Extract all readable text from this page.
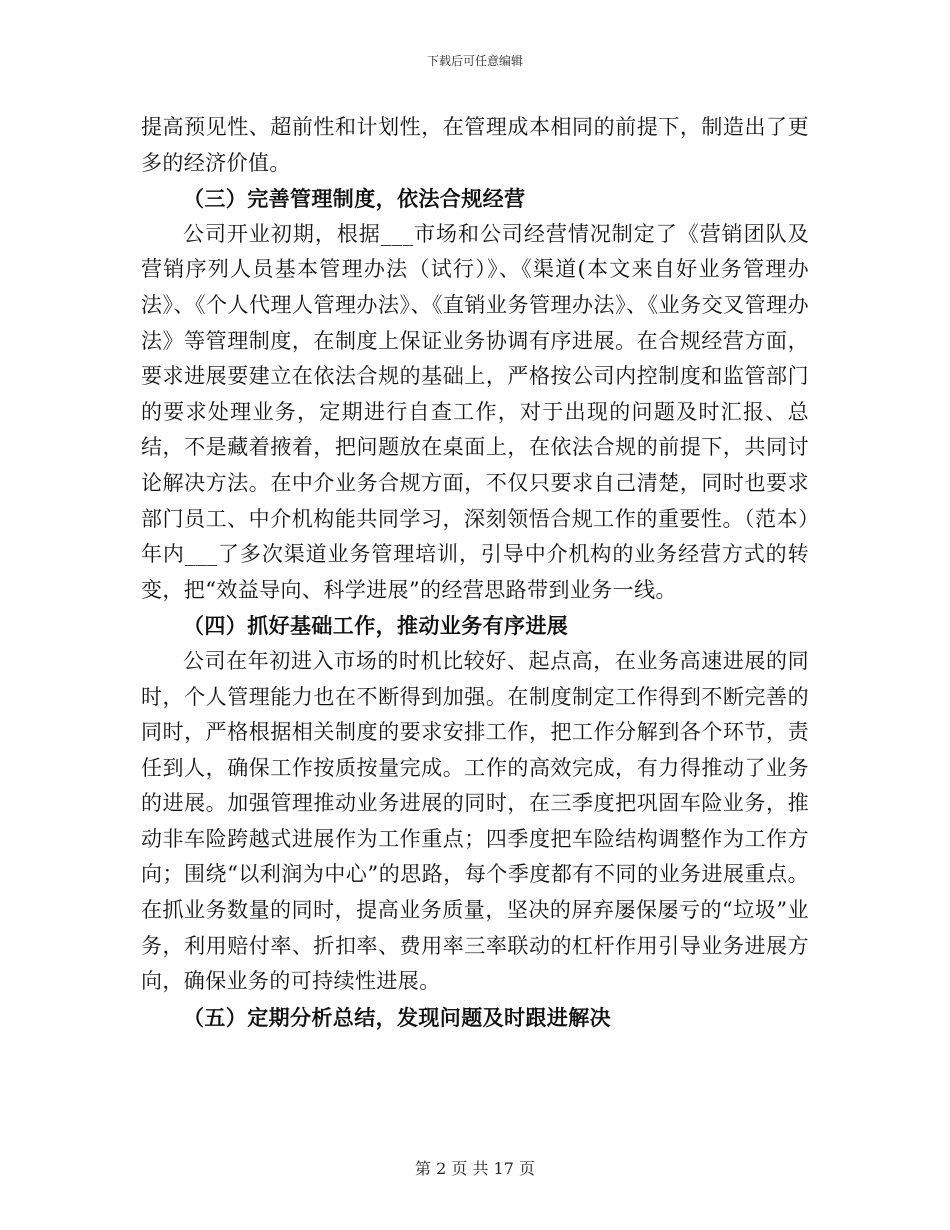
下载后可任意编辑

提高预见性、超前性和计划性，在管理成本相同的前提下，制造出了更多的经济价值。

（三）完善管理制度，依法合规经营

公司开业初期，根据___市场和公司经营情况制定了《营销团队及营销序列人员基本管理办法（试行）》、《渠道(本文来自好业务管理办法》、《个人代理人管理办法》、《直销业务管理办法》、《业务交叉管理办法》等管理制度，在制度上保证业务协调有序进展。在合规经营方面，要求进展要建立在依法合规的基础上，严格按公司内控制度和监管部门的要求处理业务，定期进行自查工作，对于出现的问题及时汇报、总结，不是藏着掖着，把问题放在桌面上，在依法合规的前提下，共同讨论解决方法。在中介业务合规方面，不仅只要求自己清楚，同时也要求部门员工、中介机构能共同学习，深刻领悟合规工作的重要性。（范本）年内___了多次渠道业务管理培训，引导中介机构的业务经营方式的转变，把“效益导向、科学进展”的经营思路带到业务一线。

（四）抓好基础工作，推动业务有序进展

公司在年初进入市场的时机比较好、起点高，在业务高速进展的同时，个人管理能力也在不断得到加强。在制度制定工作得到不断完善的同时，严格根据相关制度的要求安排工作，把工作分解到各个环节，责任到人，确保工作按质按量完成。工作的高效完成，有力得推动了业务的进展。加强管理推动业务进展的同时，在三季度把巩固车险业务，推动非车险跨越式进展作为工作重点；四季度把车险结构调整作为工作方向；围绕“以利润为中心”的思路，每个季度都有不同的业务进展重点。在抓业务数量的同时，提高业务质量，坚决的屏弃屡保屡亏的“垃圾”业务，利用赔付率、折扣率、费用率三率联动的杠杆作用引导业务进展方向，确保业务的可持续性进展。

（五）定期分析总结，发现问题及时跟进解决

第 2 页 共 17 页
